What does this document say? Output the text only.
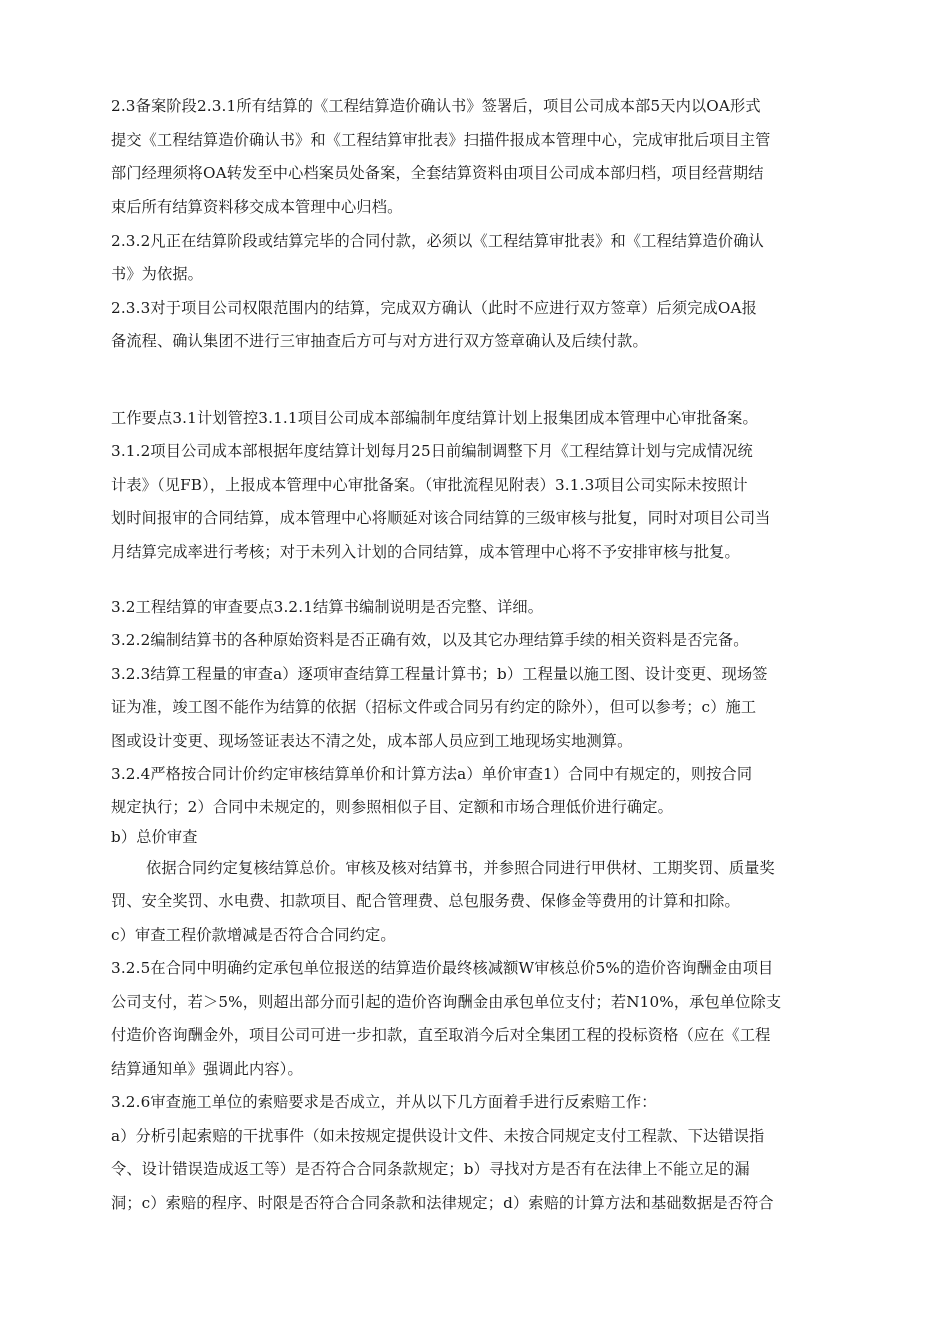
2.3备案阶段2.3.1所有结算的《工程结算造价确认书》签署后，项目公司成本部5天内以OA形式
提交《工程结算造价确认书》和《工程结算审批表》扫描件报成本管理中心，完成审批后项目主管
部门经理须将OA转发至中心档案员处备案，全套结算资料由项目公司成本部归档，项目经营期结
束后所有结算资料移交成本管理中心归档。
2.3.2凡正在结算阶段或结算完毕的合同付款，必须以《工程结算审批表》和《工程结算造价确认
书》为依据。
2.3.3对于项目公司权限范围内的结算，完成双方确认（此时不应进行双方签章）后须完成OA报
备流程、确认集团不进行三审抽查后方可与对方进行双方签章确认及后续付款。
工作要点3.1计划管控3.1.1项目公司成本部编制年度结算计划上报集团成本管理中心审批备案。
3.1.2项目公司成本部根据年度结算计划每月25日前编制调整下月《工程结算计划与完成情况统
计表》（见FB），上报成本管理中心审批备案。（审批流程见附表）3.1.3项目公司实际未按照计
划时间报审的合同结算，成本管理中心将顺延对该合同结算的三级审核与批复，同时对项目公司当
月结算完成率进行考核；对于未列入计划的合同结算，成本管理中心将不予安排审核与批复。
3.2工程结算的审查要点3.2.1结算书编制说明是否完整、详细。
3.2.2编制结算书的各种原始资料是否正确有效，以及其它办理结算手续的相关资料是否完备。
3.2.3结算工程量的审查a）逐项审查结算工程量计算书；b）工程量以施工图、设计变更、现场签
证为准，竣工图不能作为结算的依据（招标文件或合同另有约定的除外），但可以参考；c）施工
图或设计变更、现场签证表达不清之处，成本部人员应到工地现场实地测算。
3.2.4严格按合同计价约定审核结算单价和计算方法a）单价审查1）合同中有规定的，则按合同
规定执行；2）合同中未规定的，则参照相似子目、定额和市场合理低价进行确定。
b）总价审查
依据合同约定复核结算总价。审核及核对结算书，并参照合同进行甲供材、工期奖罚、质量奖
罚、安全奖罚、水电费、扣款项目、配合管理费、总包服务费、保修金等费用的计算和扣除。
c）审查工程价款增减是否符合合同约定。
3.2.5在合同中明确约定承包单位报送的结算造价最终核减额W审核总价5%的造价咨询酬金由项目
公司支付，若＞5%，则超出部分而引起的造价咨询酬金由承包单位支付；若N10%，承包单位除支
付造价咨询酬金外，项目公司可进一步扣款，直至取消今后对全集团工程的投标资格（应在《工程
结算通知单》强调此内容）。
3.2.6审查施工单位的索赔要求是否成立，并从以下几方面着手进行反索赔工作：
a）分析引起索赔的干扰事件（如未按规定提供设计文件、未按合同规定支付工程款、下达错误指
令、设计错误造成返工等）是否符合合同条款规定；b）寻找对方是否有在法律上不能立足的漏
洞；c）索赔的程序、时限是否符合合同条款和法律规定；d）索赔的计算方法和基础数据是否符合
